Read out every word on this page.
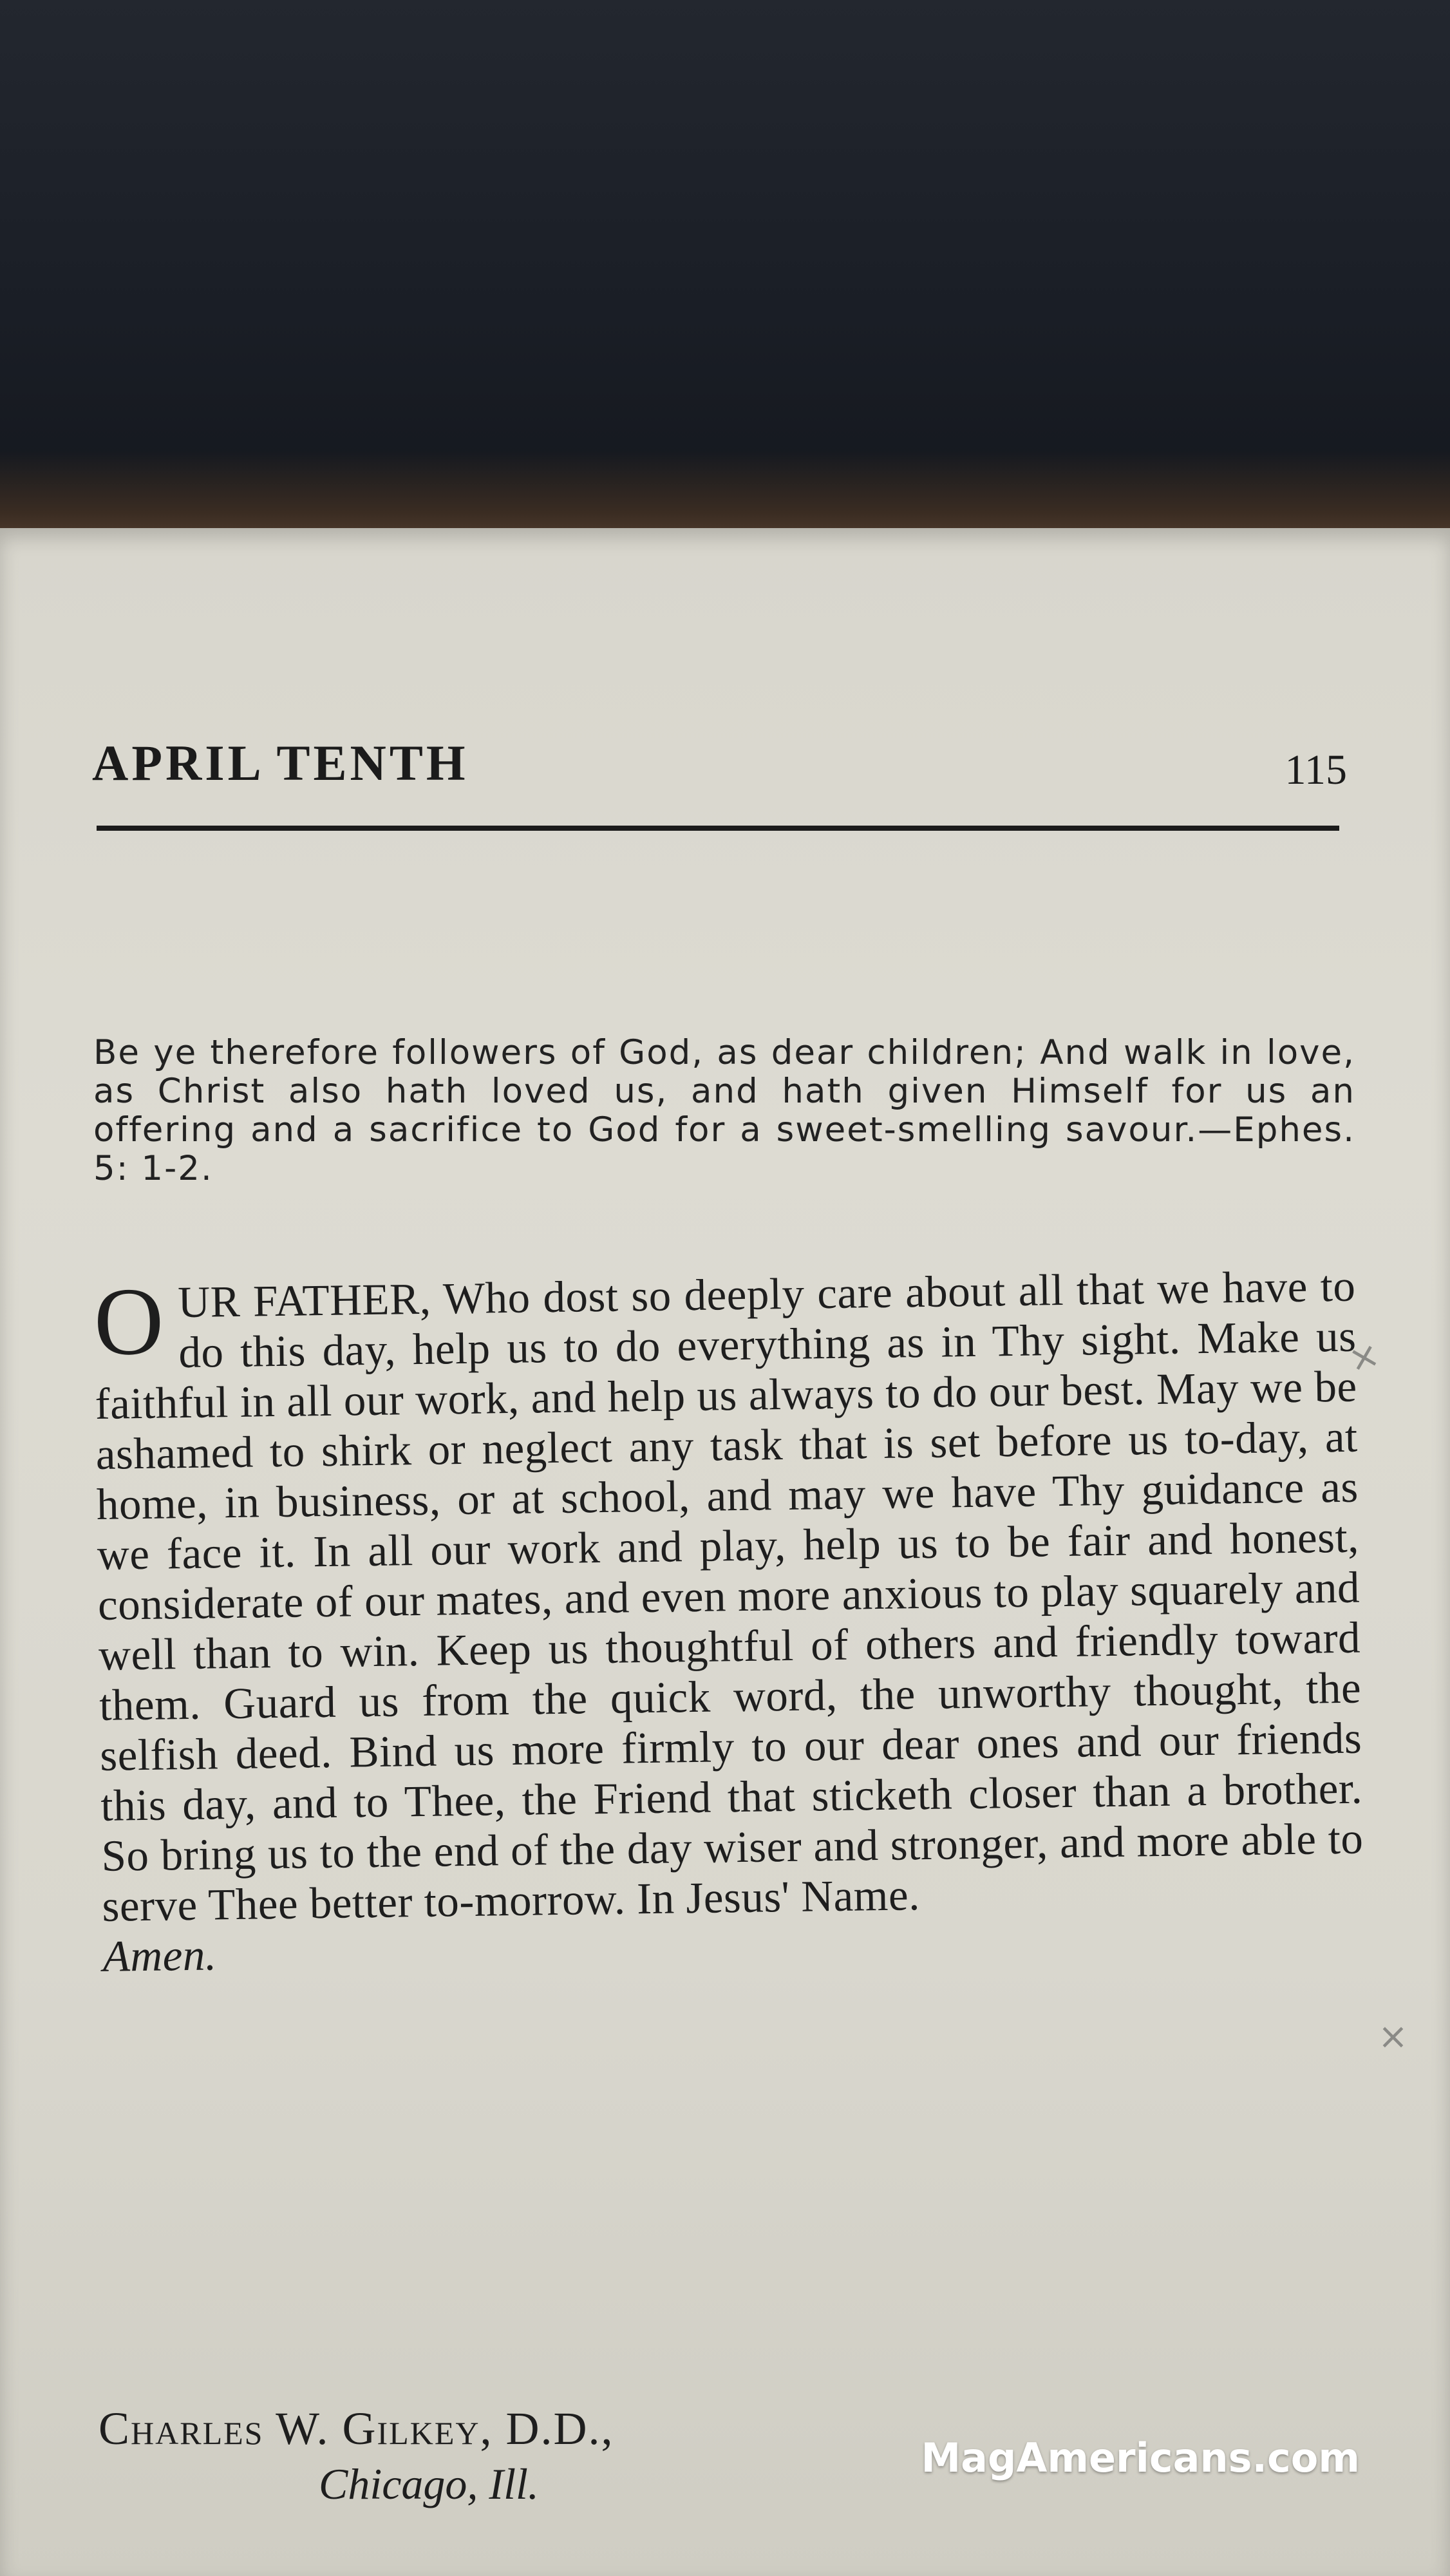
APRIL TENTH	115
Be ye therefore followers of God, as dear children; And walk in love, as Christ also hath loved us, and hath given Himself for us an offering and a sacrifice to God for a sweet-smelling savour.—Ephes. 5: 1-2.
OUR FATHER, Who dost so deeply care about all that we have to do this day, help us to do everything as in Thy sight. Make us faithful in all our work, and help us always to do our best. May we be ashamed to shirk or neglect any task that is set before us to-day, at home, in business, or at school, and may we have Thy guidance as we face it. In all our work and play, help us to be fair and honest, considerate of our mates, and even more anxious to play squarely and well than to win. Keep us thoughtful of others and friendly toward them. Guard us from the quick word, the unworthy thought, the selfish deed. Bind us more firmly to our dear ones and our friends this day, and to Thee, the Friend that sticketh closer than a brother. So bring us to the end of the day wiser and stronger, and more able to serve Thee better to-morrow. In Jesus' Name.
Amen.
×
×
Charles W. Gilkey, D.D.,
Chicago, Ill.
MagAmericans.com
